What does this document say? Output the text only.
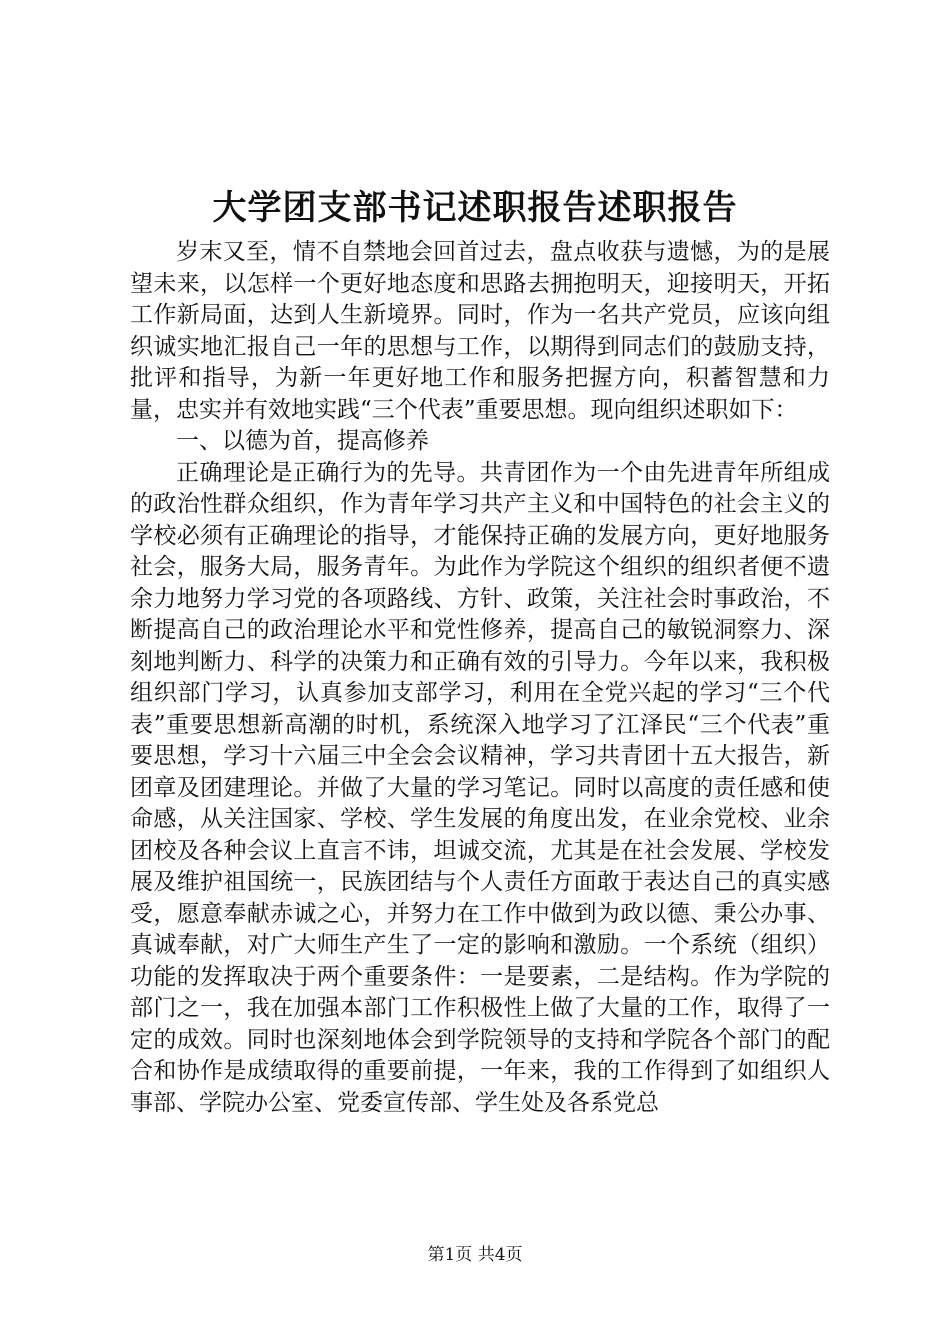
大学团支部书记述职报告述职报告

岁末又至，情不自禁地会回首过去，盘点收获与遗憾，为的是展望未来，以怎样一个更好地态度和思路去拥抱明天，迎接明天，开拓工作新局面，达到人生新境界。同时，作为一名共产党员，应该向组织诚实地汇报自己一年的思想与工作，以期得到同志们的鼓励支持，批评和指导，为新一年更好地工作和服务把握方向，积蓄智慧和力量，忠实并有效地实践“三个代表”重要思想。现向组织述职如下：

一、以德为首，提高修养

正确理论是正确行为的先导。共青团作为一个由先进青年所组成的政治性群众组织，作为青年学习共产主义和中国特色的社会主义的学校必须有正确理论的指导，才能保持正确的发展方向，更好地服务社会，服务大局，服务青年。为此作为学院这个组织的组织者便不遗余力地努力学习党的各项路线、方针、政策，关注社会时事政治，不断提高自己的政治理论水平和党性修养，提高自己的敏锐洞察力、深刻地判断力、科学的决策力和正确有效的引导力。今年以来，我积极组织部门学习，认真参加支部学习，利用在全党兴起的学习“三个代表”重要思想新高潮的时机，系统深入地学习了江泽民“三个代表”重要思想，学习十六届三中全会会议精神，学习共青团十五大报告，新团章及团建理论。并做了大量的学习笔记。同时以高度的责任感和使命感，从关注国家、学校、学生发展的角度出发，在业余党校、业余团校及各种会议上直言不讳，坦诚交流，尤其是在社会发展、学校发展及维护祖国统一，民族团结与个人责任方面敢于表达自己的真实感受，愿意奉献赤诚之心，并努力在工作中做到为政以德、秉公办事、真诚奉献，对广大师生产生了一定的影响和激励。一个系统（组织）功能的发挥取决于两个重要条件：一是要素，二是结构。作为学院的部门之一，我在加强本部门工作积极性上做了大量的工作，取得了一定的成效。同时也深刻地体会到学院领导的支持和学院各个部门的配合和协作是成绩取得的重要前提，一年来，我的工作得到了如组织人事部、学院办公室、党委宣传部、学生处及各系党总

第1页 共4页
